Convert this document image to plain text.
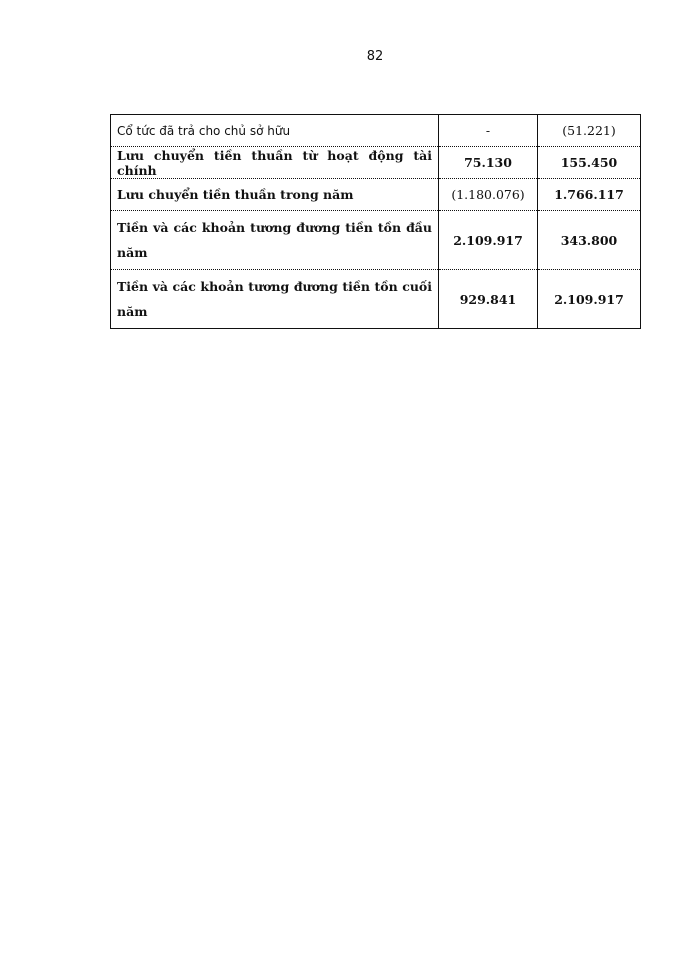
82
Cổ tức đã trả cho chủ sở hữu	-	(51.221)
Lưu chuyển tiền thuần từ hoạt động tài chính	75.130	155.450
Lưu chuyển tiền thuần trong năm	(1.180.076)	1.766.117
Tiền và các khoản tương đương tiền tồn đầu năm	2.109.917	343.800
Tiền và các khoản tương đương tiền tồn cuối năm	929.841	2.109.917
